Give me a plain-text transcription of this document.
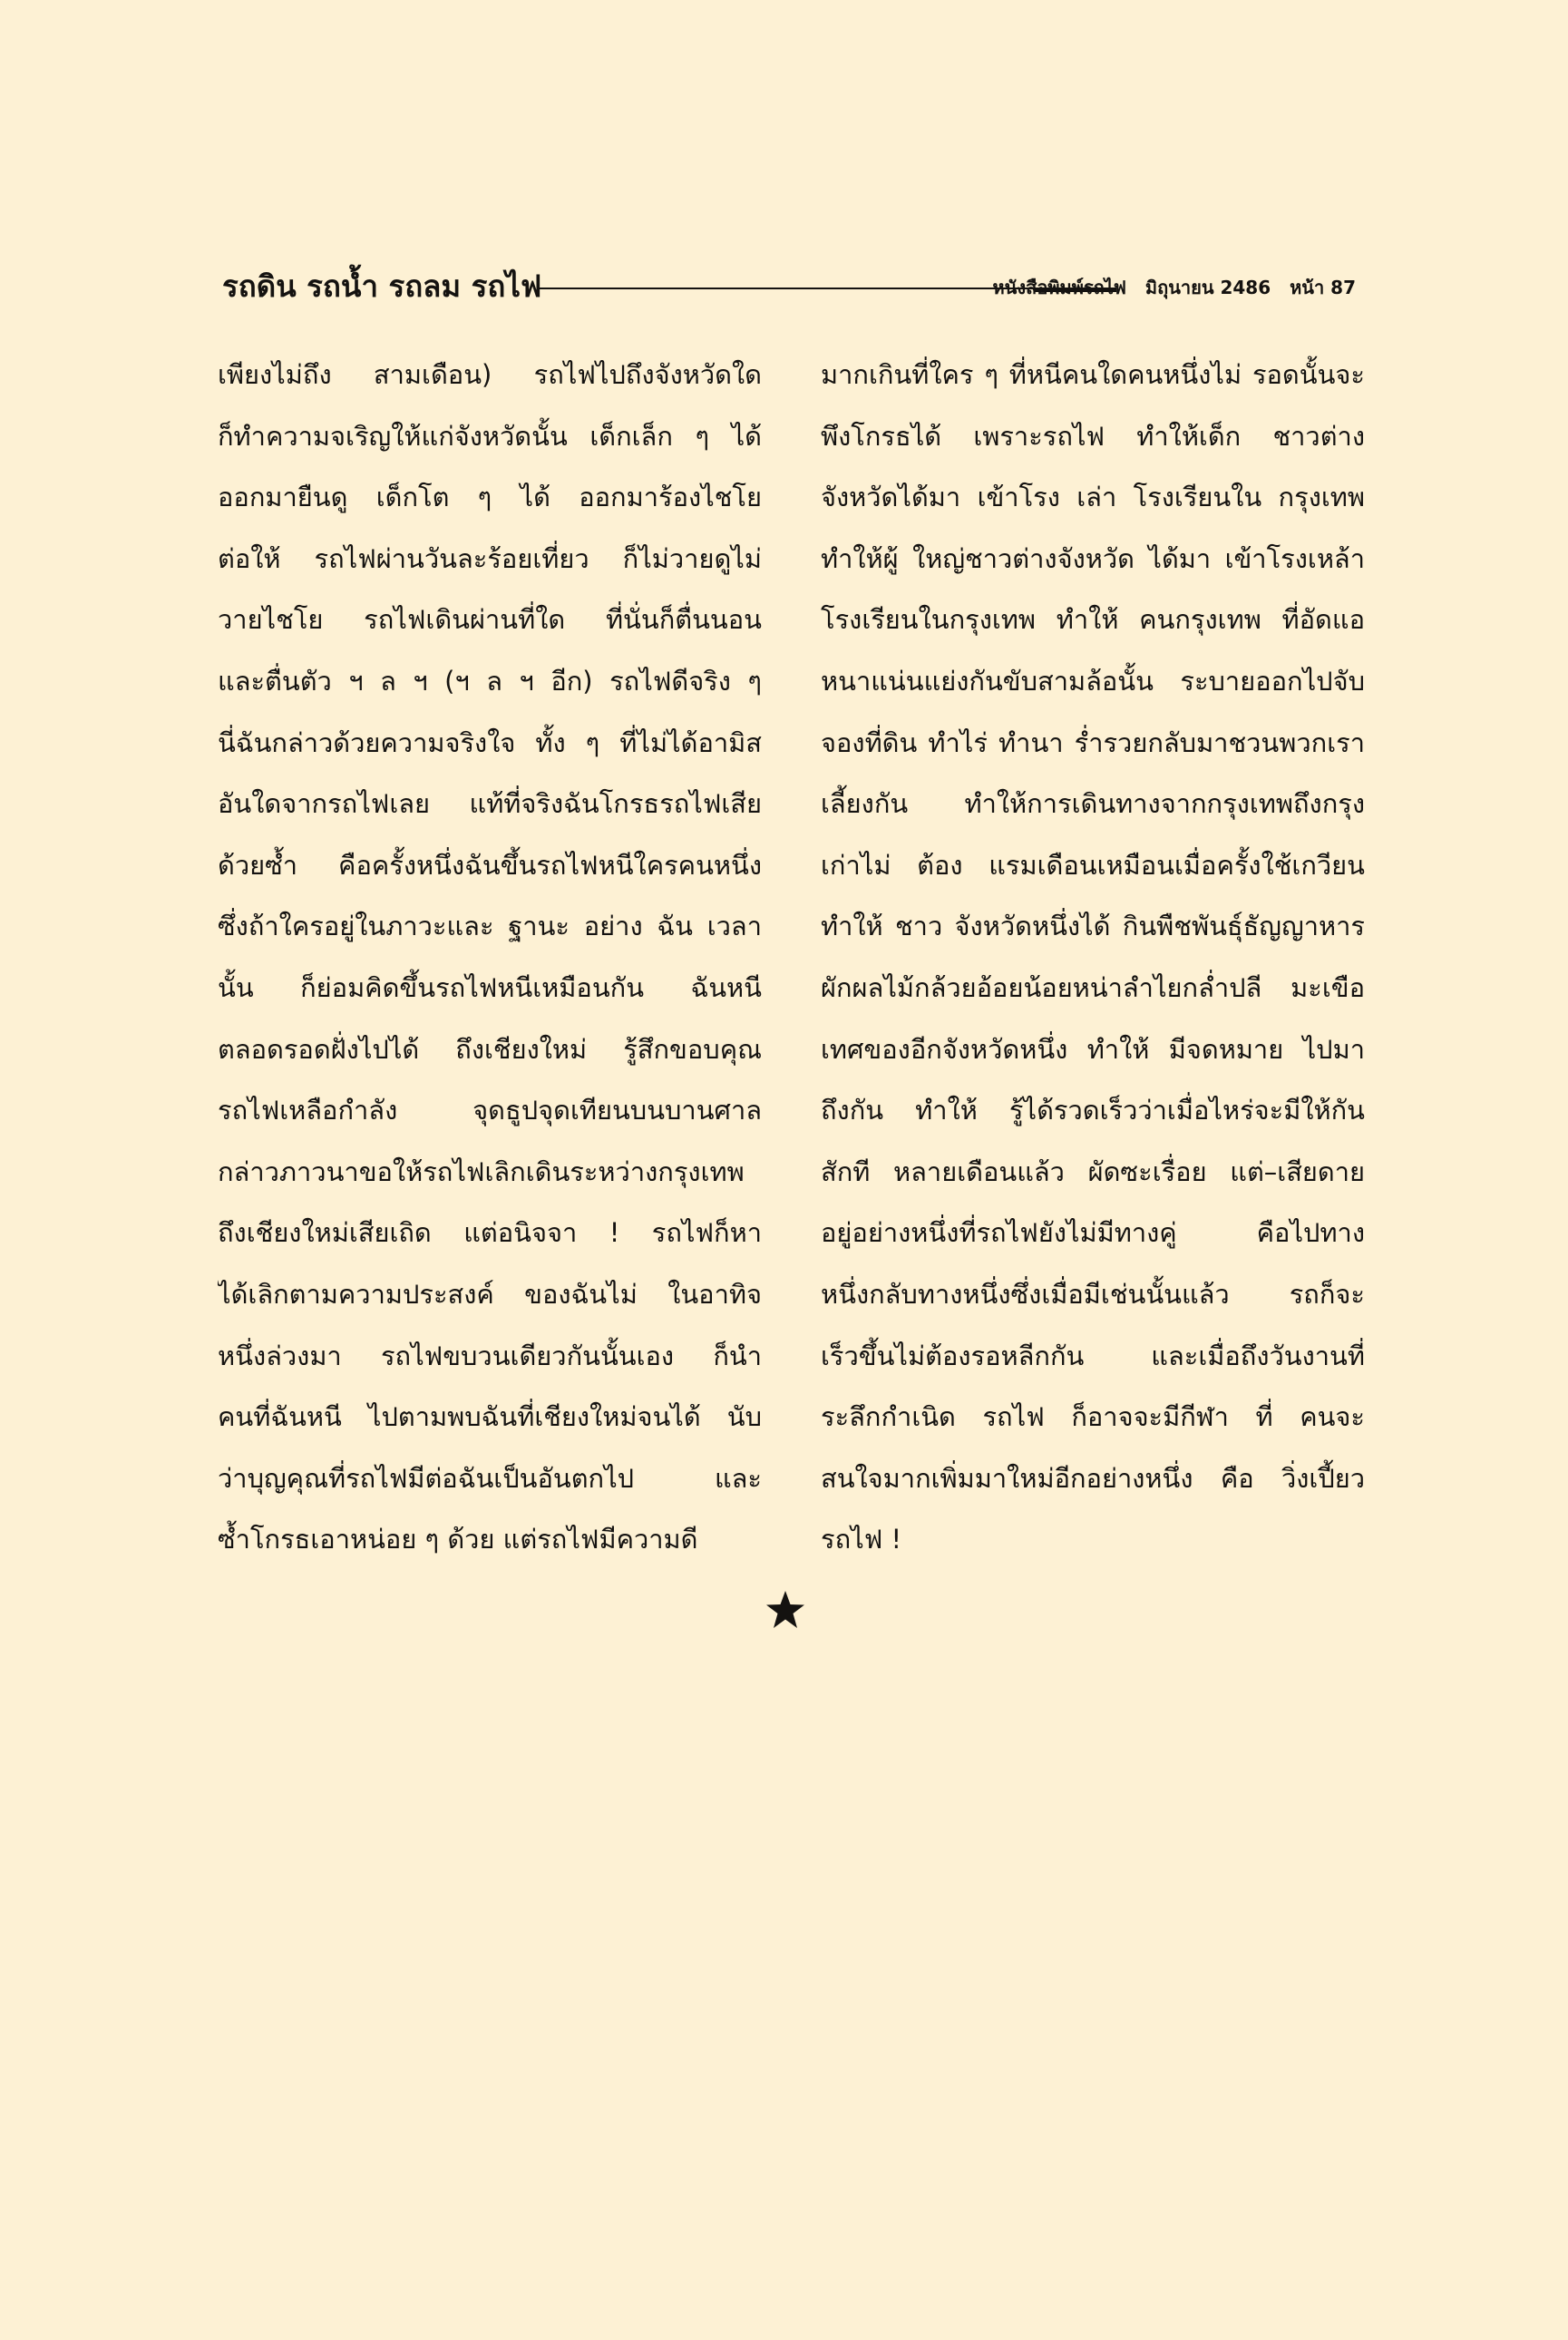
รถดิน รถน้ำ รถลม รถไฟ	หนังสือพิมพ์รถไฟ มิถุนายน 2486 หน้า 87
เพียงไม่ถึง สามเดือน) รถไฟไปถึงจังหวัดใด
ก็ทำความจเริญให้แก่จังหวัดนั้น เด็กเล็ก ๆ ได้
ออกมายืนดู เด็กโต ๆ ได้ ออกมาร้องไชโย
ต่อให้ รถไฟผ่านวันละร้อยเที่ยว ก็ไม่วายดูไม่
วายไชโย รถไฟเดินผ่านที่ใด ที่นั่นก็ตื่นนอน
และตื่นตัว ฯ ล ฯ (ฯ ล ฯ อีก) รถไฟดีจริง ๆ
นี่ฉันกล่าวด้วยความจริงใจ ทั้ง ๆ ที่ไม่ได้อามิส
อันใดจากรถไฟเลย แท้ที่จริงฉันโกรธรถไฟเสีย
ด้วยซ้ำ คือครั้งหนึ่งฉันขึ้นรถไฟหนีใครคนหนึ่ง
ซึ่งถ้าใครอยู่ในภาวะและ ฐานะ อย่าง ฉัน เวลา
นั้น ก็ย่อมคิดขึ้นรถไฟหนีเหมือนกัน ฉันหนี
ตลอดรอดฝั่งไปได้ ถึงเชียงใหม่ รู้สึกขอบคุณ
รถไฟเหลือกำลัง จุดธูปจุดเทียนบนบานศาล
กล่าวภาวนาขอให้รถไฟเลิกเดินระหว่างกรุงเทพ
ถึงเชียงใหม่เสียเถิด แต่อนิจจา ! รถไฟก็หา
ได้เลิกตามความประสงค์ ของฉันไม่ ในอาทิจ
หนึ่งล่วงมา รถไฟขบวนเดียวกันนั้นเอง ก็นำ
คนที่ฉันหนี ไปตามพบฉันที่เชียงใหม่จนได้ นับ
ว่าบุญคุณที่รถไฟมีต่อฉันเป็นอันตกไป และ
ซ้ำโกรธเอาหน่อย ๆ ด้วย แต่รถไฟมีความดี
มากเกินที่ใคร ๆ ที่หนีคนใดคนหนึ่งไม่ รอดนั้นจะ
พึงโกรธได้ เพราะรถไฟ ทำให้เด็ก ชาวต่าง
จังหวัดได้มา เข้าโรง เล่า โรงเรียนใน กรุงเทพ
ทำให้ผู้ ใหญ่ชาวต่างจังหวัด ได้มา เข้าโรงเหล้า
โรงเรียนในกรุงเทพ ทำให้ คนกรุงเทพ ที่อัดแอ
หนาแน่นแย่งกันขับสามล้อนั้น ระบายออกไปจับ
จองที่ดิน ทำไร่ ทำนา ร่ำรวยกลับมาชวนพวกเรา
เลี้ยงกัน ทำให้การเดินทางจากกรุงเทพถึงกรุง
เก่าไม่ ต้อง แรมเดือนเหมือนเมื่อครั้งใช้เกวียน
ทำให้ ชาว จังหวัดหนึ่งได้ กินพืชพันธุ์ธัญญาหาร
ผักผลไม้กล้วยอ้อยน้อยหน่าลำไยกล่ำปลี มะเขือ
เทศของอีกจังหวัดหนึ่ง ทำให้ มีจดหมาย ไปมา
ถึงกัน ทำให้ รู้ได้รวดเร็วว่าเมื่อไหร่จะมีให้กัน
สักที หลายเดือนแล้ว ผัดซะเรื่อย แต่–เสียดาย
อยู่อย่างหนึ่งที่รถไฟยังไม่มีทางคู่ คือไปทาง
หนึ่งกลับทางหนึ่งซึ่งเมื่อมีเช่นนั้นแล้ว รถก็จะ
เร็วขึ้นไม่ต้องรอหลีกกัน และเมื่อถึงวันงานที่
ระลึกกำเนิด รถไฟ ก็อาจจะมีกีฬา ที่ คนจะ
สนใจมากเพิ่มมาใหม่อีกอย่างหนึ่ง คือ วิ่งเปี้ยว
รถไฟ !
